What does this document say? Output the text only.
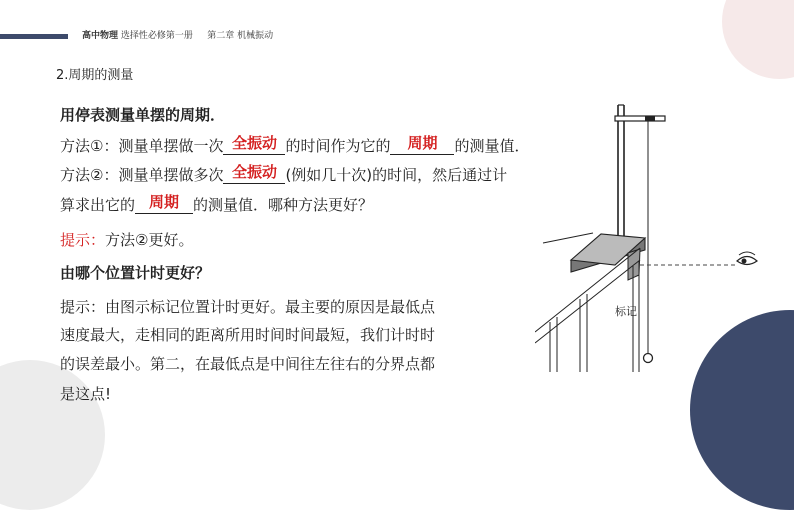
高中物理 选择性必修第一册 第二章 机械振动
2.周期的测量
用停表测量单摆的周期．
方法①：测量单摆做一次 全振动 的时间作为它的 周期 的测量值．
方法②：测量单摆做多次 全振动 (例如几十次)的时间，然后通过计
算求出它的 周期 的测量值．哪种方法更好？
提示：方法②更好。
由哪个位置计时更好？
提示：由图示标记位置计时更好。最主要的原因是最低点
速度最大，走相同的距离所用时间时间最短，我们计时时
的误差最小。第二，在最低点是中间往左往右的分界点都
是这点!
标记
